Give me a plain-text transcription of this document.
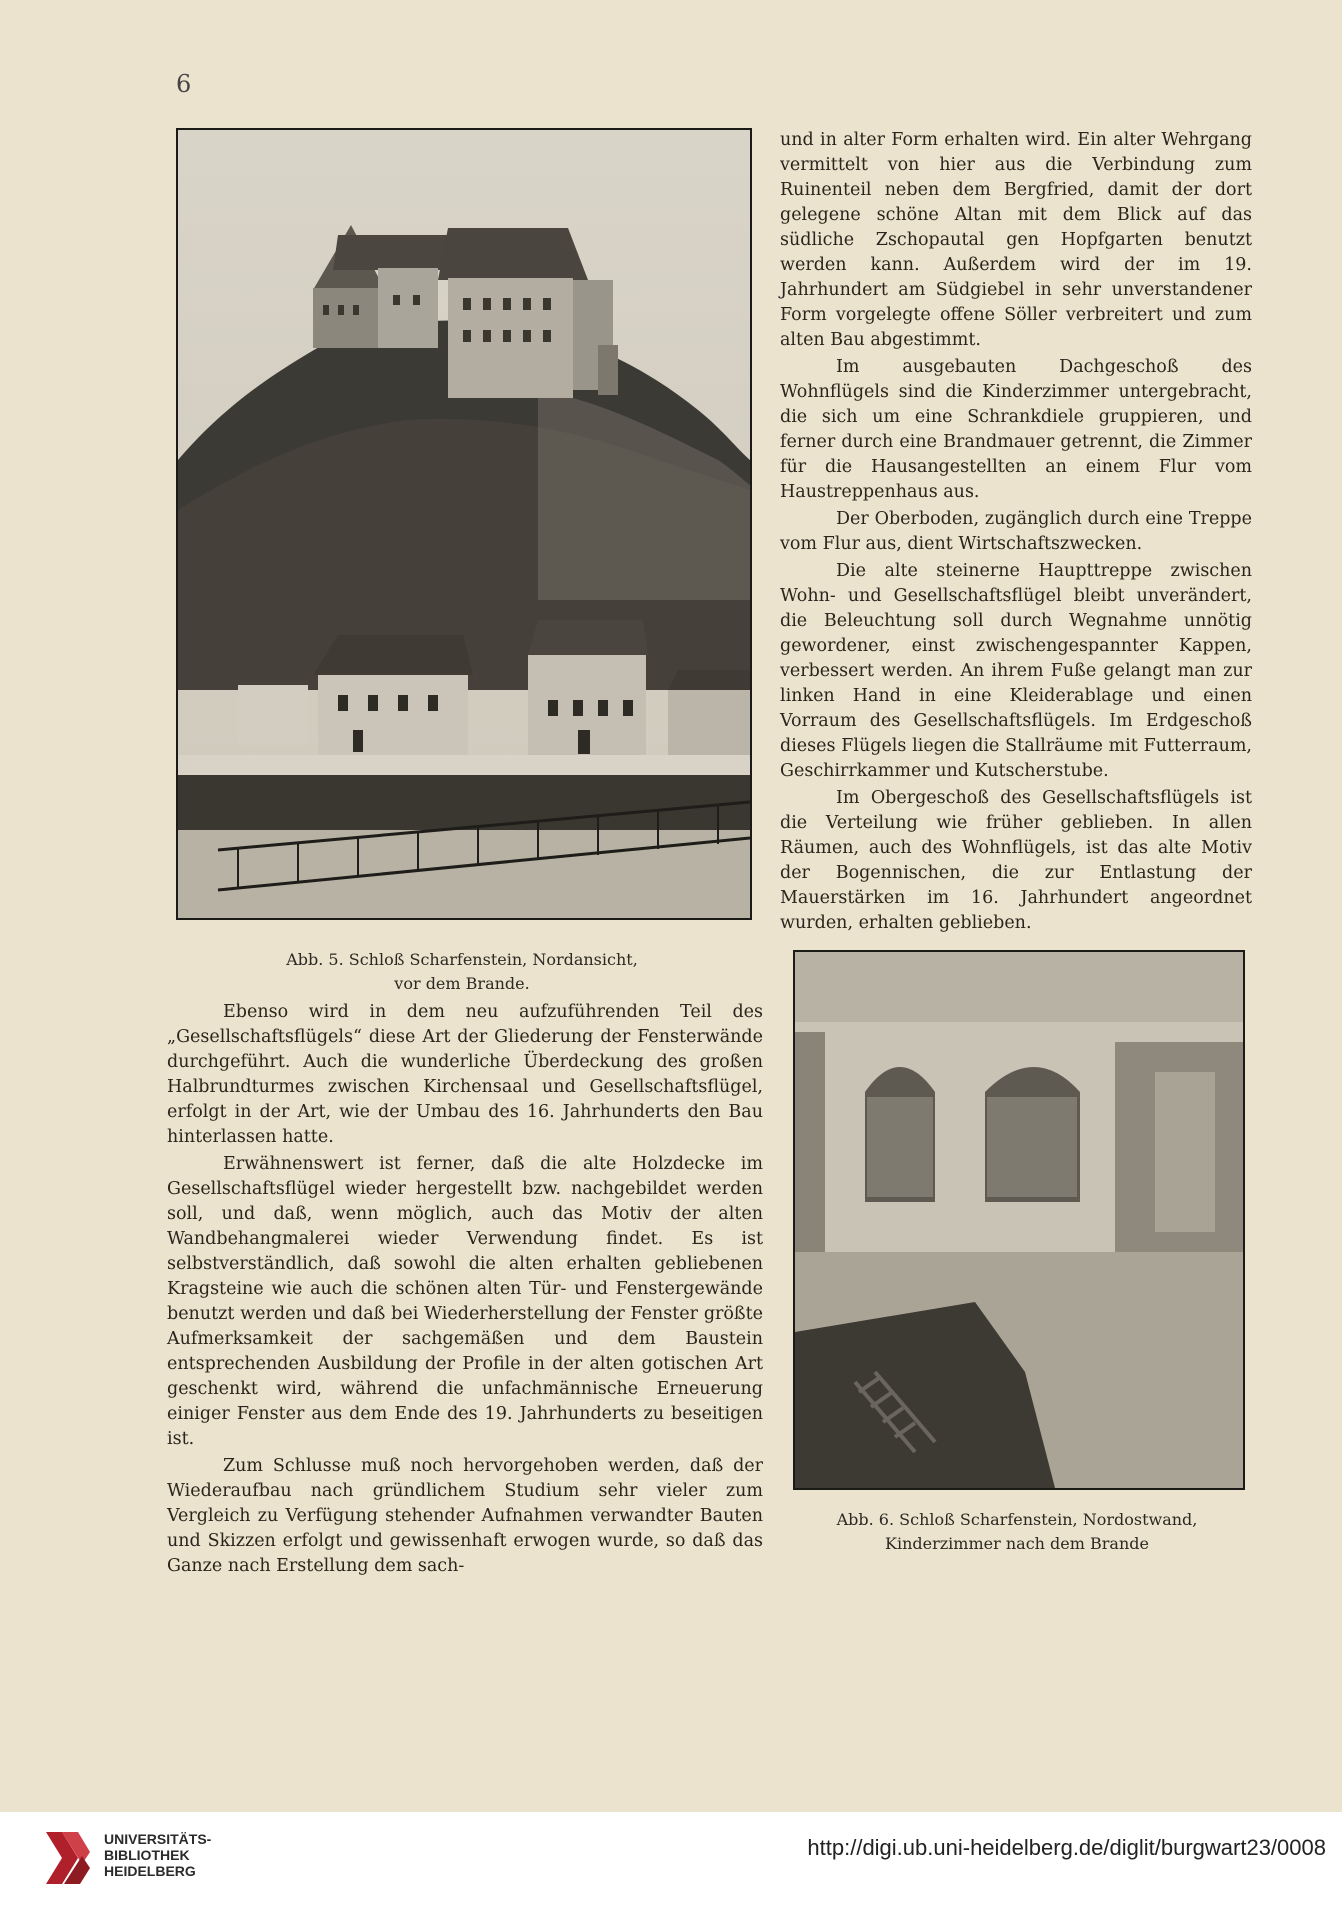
6
Abb. 5. Schloß Scharfenstein, Nordansicht,
vor dem Brande.

und in alter Form erhalten wird. Ein alter Wehrgang vermittelt von hier aus die Verbindung zum Ruinenteil neben dem Bergfried, damit der dort gelegene schöne Altan mit dem Blick auf das südliche Zschopautal gen Hopfgarten benutzt werden kann. Außerdem wird der im 19. Jahrhundert am Südgiebel in sehr unverstandener Form vorgelegte offene Söller verbreitert und zum alten Bau abgestimmt.

Im ausgebauten Dachgeschoß des Wohnflügels sind die Kinderzimmer untergebracht, die sich um eine Schrankdiele gruppieren, und ferner durch eine Brandmauer getrennt, die Zimmer für die Hausangestellten an einem Flur vom Haustreppenhaus aus.

Der Oberboden, zugänglich durch eine Treppe vom Flur aus, dient Wirtschaftszwecken.

Die alte steinerne Haupttreppe zwischen Wohn- und Gesellschaftsflügel bleibt unverändert, die Beleuchtung soll durch Wegnahme unnötig gewordener, einst zwischengespannter Kappen, verbessert werden. An ihrem Fuße gelangt man zur linken Hand in eine Kleiderablage und einen Vorraum des Gesellschaftsflügels. Im Erdgeschoß dieses Flügels liegen die Stallräume mit Futterraum, Geschirrkammer und Kutscherstube.

Im Obergeschoß des Gesellschaftsflügels ist die Verteilung wie früher geblieben. In allen Räumen, auch des Wohnflügels, ist das alte Motiv der Bogennischen, die zur Entlastung der Mauerstärken im 16. Jahrhundert angeordnet wurden, erhalten geblieben.

Ebenso wird in dem neu aufzuführenden Teil des „Gesellschaftsflügels“ diese Art der Gliederung der Fensterwände durchgeführt. Auch die wunderliche Überdeckung des großen Halbrundturmes zwischen Kirchensaal und Gesellschaftsflügel, erfolgt in der Art, wie der Umbau des 16. Jahrhunderts den Bau hinterlassen hatte.

Erwähnenswert ist ferner, daß die alte Holzdecke im Gesellschaftsflügel wieder hergestellt bzw. nachgebildet werden soll, und daß, wenn möglich, auch das Motiv der alten Wandbehangmalerei wieder Verwendung findet. Es ist selbstverständlich, daß sowohl die alten erhalten gebliebenen Kragsteine wie auch die schönen alten Tür- und Fenstergewände benutzt werden und daß bei Wiederherstellung der Fenster größte Aufmerksamkeit der sachgemäßen und dem Baustein entsprechenden Ausbildung der Profile in der alten gotischen Art geschenkt wird, während die unfachmännische Erneuerung einiger Fenster aus dem Ende des 19. Jahrhunderts zu beseitigen ist.

Zum Schlusse muß noch hervorgehoben werden, daß der Wiederaufbau nach gründlichem Studium sehr vieler zum Vergleich zu Verfügung stehender Aufnahmen verwandter Bauten und Skizzen erfolgt und gewissenhaft erwogen wurde, so daß das Ganze nach Erstellung dem sach-

Abb. 6. Schloß Scharfenstein, Nordostwand,
Kinderzimmer nach dem Brande
UNIVERSITÄTS-
BIBLIOTHEK
HEIDELBERG
http://digi.ub.uni-heidelberg.de/diglit/burgwart23/0008
